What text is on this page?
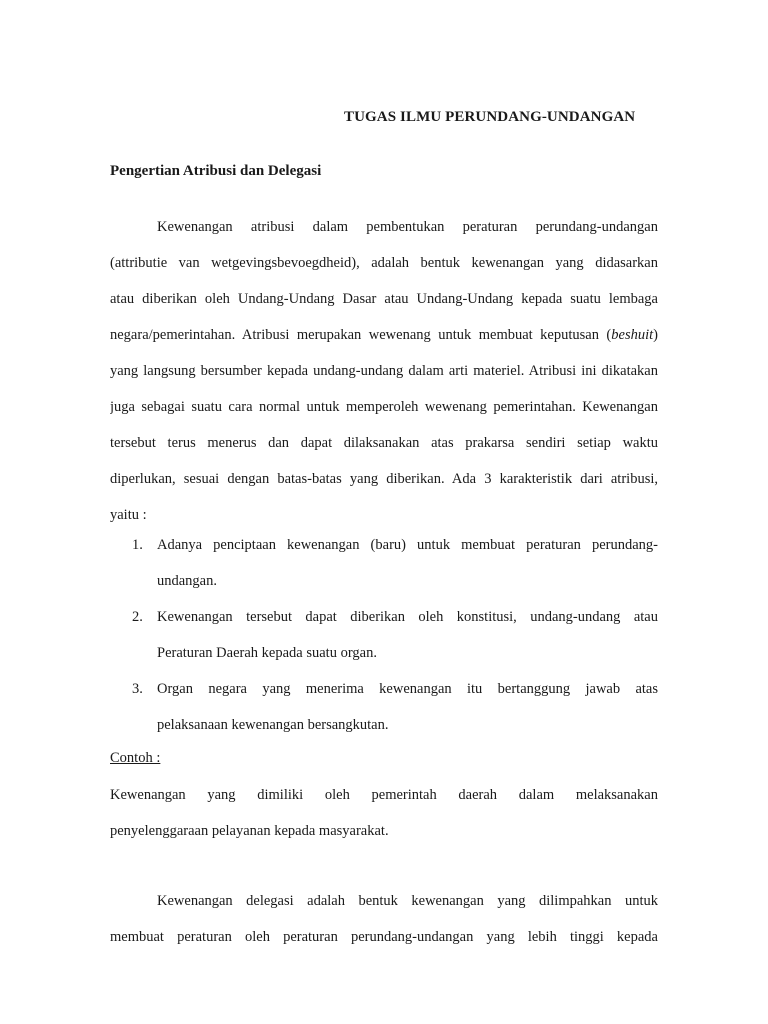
TUGAS ILMU PERUNDANG-UNDANGAN
Pengertian Atribusi dan Delegasi
Kewenangan atribusi dalam pembentukan peraturan perundang-undangan
(attributie van wetgevingsbevoegdheid), adalah bentuk kewenangan yang didasarkan
atau diberikan oleh Undang-Undang Dasar atau Undang-Undang kepada suatu lembaga
negara/pemerintahan. Atribusi merupakan wewenang untuk membuat keputusan (beshuit)
yang langsung bersumber kepada undang-undang dalam arti materiel. Atribusi ini dikatakan
juga sebagai suatu cara normal untuk memperoleh wewenang pemerintahan. Kewenangan
tersebut terus menerus dan dapat dilaksanakan atas prakarsa sendiri setiap waktu
diperlukan, sesuai dengan batas-batas yang diberikan. Ada 3 karakteristik dari atribusi,
yaitu :
1. Adanya penciptaan kewenangan (baru) untuk membuat peraturan perundang-
undangan.
2. Kewenangan tersebut dapat diberikan oleh konstitusi, undang-undang atau
Peraturan Daerah kepada suatu organ.
3. Organ negara yang menerima kewenangan itu bertanggung jawab atas
pelaksanaan kewenangan bersangkutan.
Contoh :
Kewenangan yang dimiliki oleh pemerintah daerah dalam melaksanakan
penyelenggaraan pelayanan kepada masyarakat.
Kewenangan delegasi adalah bentuk kewenangan yang dilimpahkan untuk
membuat peraturan oleh peraturan perundang-undangan yang lebih tinggi kepada
